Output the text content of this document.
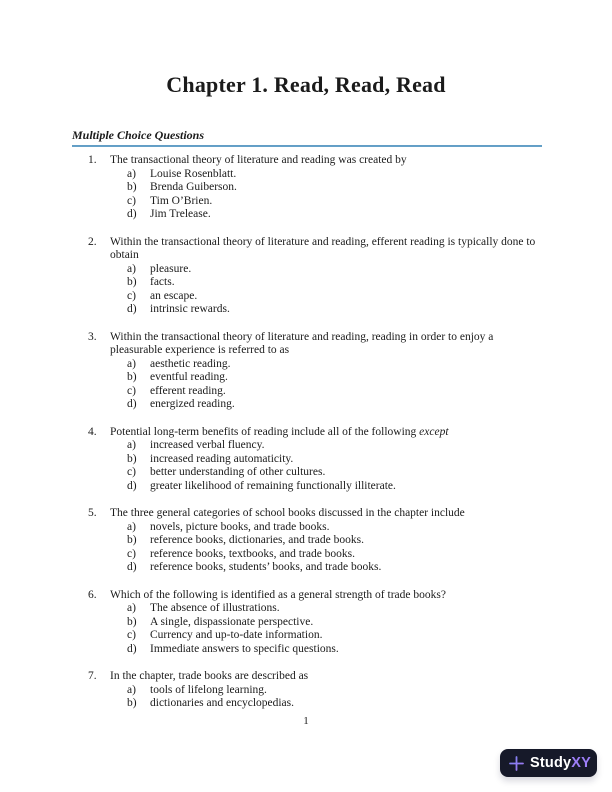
Chapter 1. Read, Read, Read
Multiple Choice Questions
1. The transactional theory of literature and reading was created by
a) Louise Rosenblatt.
b) Brenda Guiberson.
c) Tim O’Brien.
d) Jim Trelease.
2. Within the transactional theory of literature and reading, efferent reading is typically done to obtain
a) pleasure.
b) facts.
c) an escape.
d) intrinsic rewards.
3. Within the transactional theory of literature and reading, reading in order to enjoy a pleasurable experience is referred to as
a) aesthetic reading.
b) eventful reading.
c) efferent reading.
d) energized reading.
4. Potential long-term benefits of reading include all of the following except
a) increased verbal fluency.
b) increased reading automaticity.
c) better understanding of other cultures.
d) greater likelihood of remaining functionally illiterate.
5. The three general categories of school books discussed in the chapter include
a) novels, picture books, and trade books.
b) reference books, dictionaries, and trade books.
c) reference books, textbooks, and trade books.
d) reference books, students’ books, and trade books.
6. Which of the following is identified as a general strength of trade books?
a) The absence of illustrations.
b) A single, dispassionate perspective.
c) Currency and up-to-date information.
d) Immediate answers to specific questions.
7. In the chapter, trade books are described as
a) tools of lifelong learning.
b) dictionaries and encyclopedias.
1
StudyXY
